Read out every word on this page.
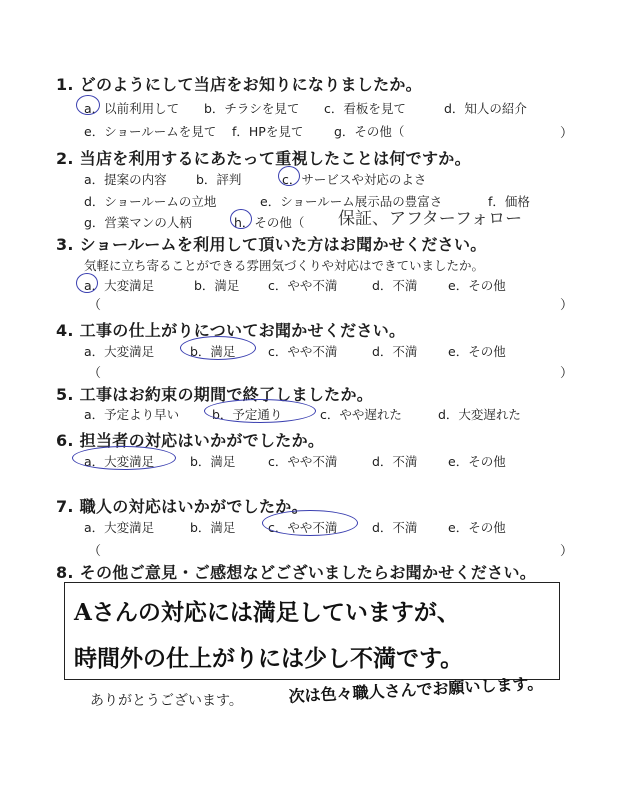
1. どのようにして当店をお知りになりましたか。
a．以前利用して b．チラシを見て c．看板を見て	d．知人の紹介
e．ショールームを見て f．HPを見て g．その他（	）
2. 当店を利用するにあたって重視したことは何ですか。
a．提案の内容 b．評判	c．サービスや対応のよさ
d．ショールームの立地	e．ショールーム展示品の豊富さ	f．価格
g．営業マンの人柄	h．その他（ 保証、アフターフォロー
3. ショールームを利用して頂いた方はお聞かせください。
気軽に立ち寄ることができる雰囲気づくりや対応はできていましたか。
a．大変満足	b．満足 c．やや不満	d．不満 e．その他
（	）
4. 工事の仕上がりについてお聞かせください。
a．大変満足	b．満足	c．やや不満	d．不満 e．その他
（	）
5. 工事はお約束の期間で終了しましたか。
a．予定より早い	b．予定通り	c．やや遅れた	d．大変遅れた
6. 担当者の対応はいかがでしたか。
a．大変満足	b．満足	c．やや不満	d．不満 e．その他
7. 職人の対応はいかがでしたか。
a．大変満足	b．満足	c．やや不満	d．不満 e．その他
（	）
8. その他ご意見・ご感想などございましたらお聞かせください。
Aさんの対応には満足していますが、
時間外の仕上がりには少し不満です。
ありがとうございます。	次は色々職人さんでお願いします。
